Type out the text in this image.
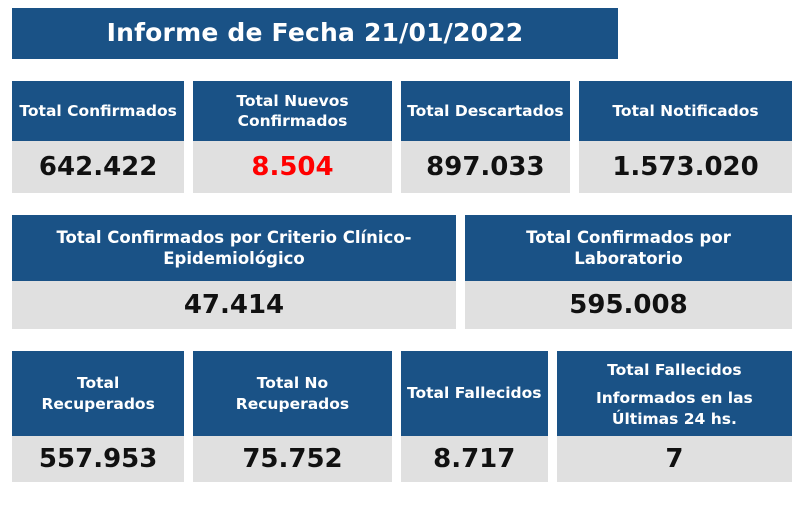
Informe de Fecha 21/01/2022
Total Confirmados
642.422
Total Nuevos Confirmados
8.504
Total Descartados
897.033
Total Notificados
1.573.020
Total Confirmados por Criterio Clínico-Epidemiológico
47.414
Total Confirmados por Laboratorio
595.008
Total Recuperados
557.953
Total No Recuperados
75.752
Total Fallecidos
8.717
Total Fallecidos
Informados en las Últimas 24 hs.
7
